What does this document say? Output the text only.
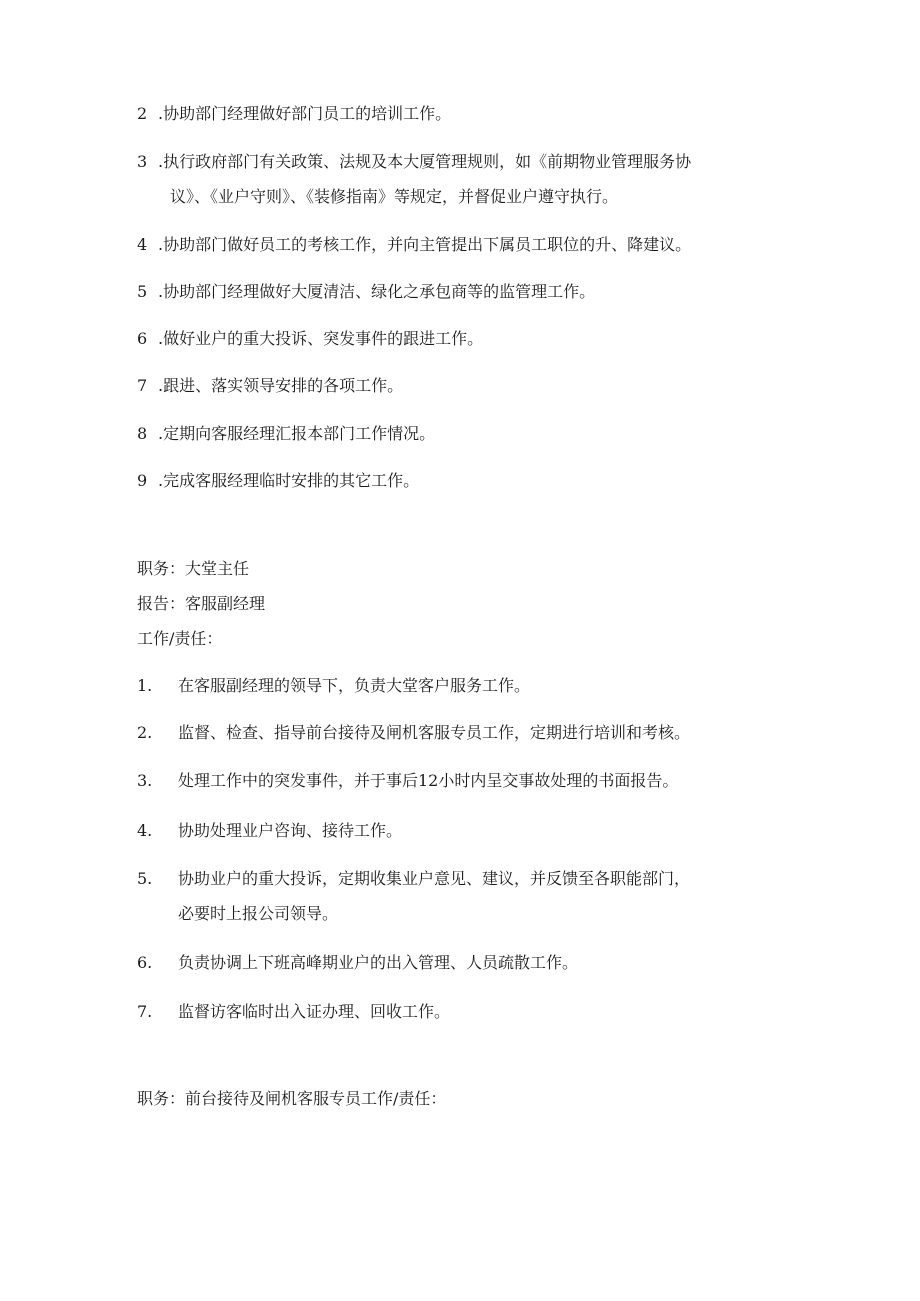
2 .协助部门经理做好部门员工的培训工作。
3 .执行政府部门有关政策、法规及本大厦管理规则，如《前期物业管理服务协
议》、《业户守则》、《装修指南》等规定，并督促业户遵守执行。
4 .协助部门做好员工的考核工作，并向主管提出下属员工职位的升、降建议。
5 .协助部门经理做好大厦清洁、绿化之承包商等的监管理工作。
6 .做好业户的重大投诉、突发事件的跟进工作。
7 .跟进、落实领导安排的各项工作。
8 .定期向客服经理汇报本部门工作情况。
9 .完成客服经理临时安排的其它工作。
职务：大堂主任
报告：客服副经理
工作/责任：
1. 在客服副经理的领导下，负责大堂客户服务工作。
2. 监督、检查、指导前台接待及闸机客服专员工作，定期进行培训和考核。
3. 处理工作中的突发事件，并于事后12小时内呈交事故处理的书面报告。
4. 协助处理业户咨询、接待工作。
5. 协助业户的重大投诉，定期收集业户意见、建议，并反馈至各职能部门，
必要时上报公司领导。
6. 负责协调上下班高峰期业户的出入管理、人员疏散工作。
7. 监督访客临时出入证办理、回收工作。
职务：前台接待及闸机客服专员工作/责任：
